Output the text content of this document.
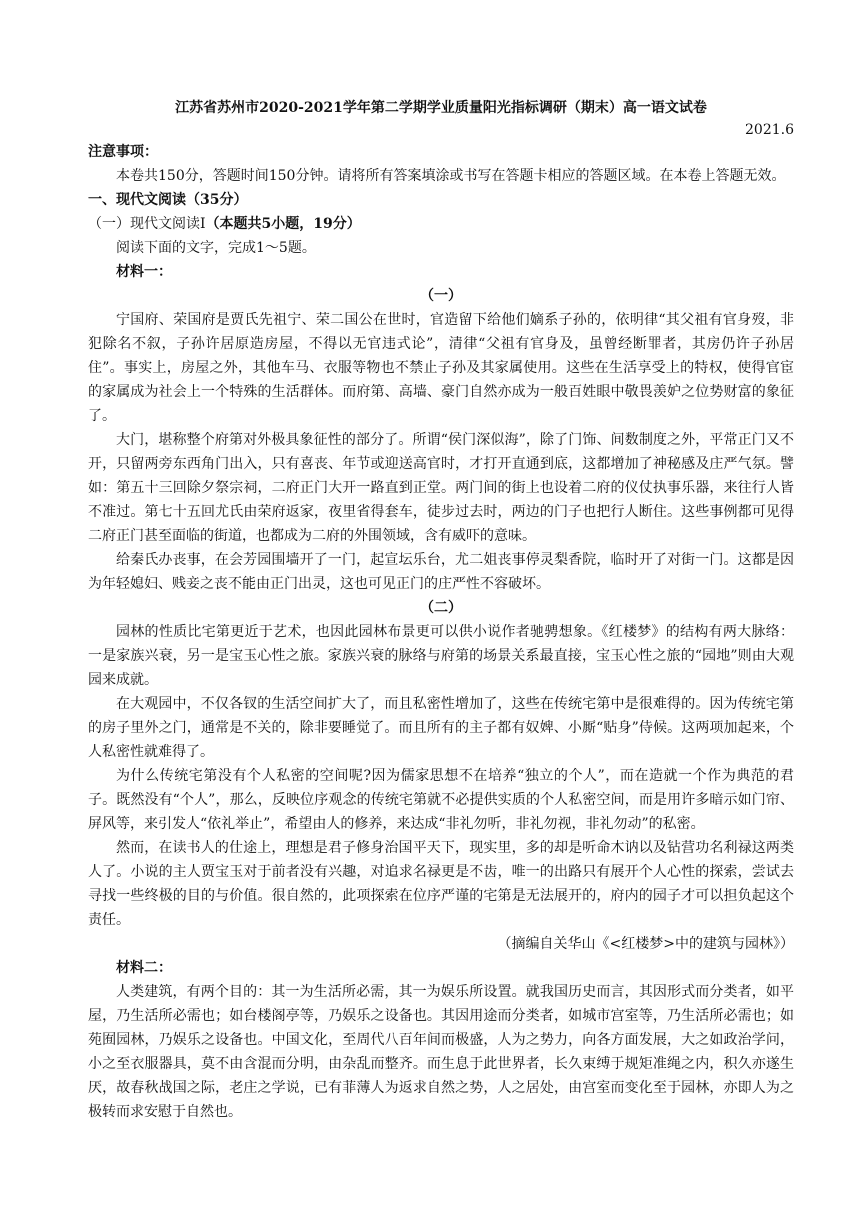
江苏省苏州市2020-2021学年第二学期学业质量阳光指标调研（期末）高一语文试卷
2021.6
注意事项：

本卷共150分，答题时间150分钟。请将所有答案填涂或书写在答题卡相应的答题区域。在本卷上答题无效。

一、现代文阅读（35分）
（一）现代文阅读Ⅰ（本题共5小题，19分）

阅读下面的文字，完成1～5题。

材料一：
（一）

宁国府、荣国府是贾氏先祖宁、荣二国公在世时，官造留下给他们嫡系子孙的，依明律“其父祖有官身歿，非犯除名不叙，子孙许居原造房屋，不得以无官违式论”，清律“父祖有官身及，虽曾经断罪者，其房仍许子孙居住”。事实上，房屋之外，其他车马、衣服等物也不禁止子孙及其家属使用。这些在生活享受上的特权，使得官宦的家属成为社会上一个特殊的生活群体。而府第、高墙、豪门自然亦成为一般百姓眼中敬畏羡妒之位势财富的象征了。

大门，堪称整个府第对外极具象征性的部分了。所谓“侯门深似海”，除了门饰、间数制度之外，平常正门又不开，只留两旁东西角门出入，只有喜丧、年节或迎送高官时，才打开直通到底，这都增加了神秘感及庄严气氛。譬如：第五十三回除夕祭宗祠，二府正门大开一路直到正堂。两门间的街上也设着二府的仪仗执事乐器，来往行人皆不准过。第七十五回尤氏由荣府返家，夜里省得套车，徒步过去时，两边的门子也把行人断住。这些事例都可见得二府正门甚至面临的街道，也都成为二府的外围领域，含有威吓的意味。

给秦氏办丧事，在会芳园围墙开了一门，起宣坛乐台，尤二姐丧事停灵梨香院，临时开了对街一门。这都是因为年轻媳妇、贱妾之丧不能由正门出灵，这也可见正门的庄严性不容破坏。

（二）

园林的性质比宅第更近于艺术，也因此园林布景更可以供小说作者驰骋想象。《红楼梦》的结构有两大脉络：一是家族兴衰，另一是宝玉心性之旅。家族兴衰的脉络与府第的场景关系最直接，宝玉心性之旅的“园地”则由大观园来成就。

在大观园中，不仅各钗的生活空间扩大了，而且私密性增加了，这些在传统宅第中是很难得的。因为传统宅第的房子里外之门，通常是不关的，除非要睡觉了。而且所有的主子都有奴婢、小厮“贴身”侍候。这两项加起来，个人私密性就难得了。

为什么传统宅第没有个人私密的空间呢?因为儒家思想不在培养“独立的个人”，而在造就一个作为典范的君子。既然没有“个人”，那么，反映位序观念的传统宅第就不必提供实质的个人私密空间，而是用许多暗示如门帘、屏风等，来引发人“依礼举止”，希望由人的修养，来达成“非礼勿听，非礼勿视，非礼勿动”的私密。

然而，在读书人的仕途上，理想是君子修身治国平天下，现实里，多的却是听命木讷以及钻营功名利禄这两类人了。小说的主人贾宝玉对于前者没有兴趣，对追求名禄更是不齿，唯一的出路只有展开个人心性的探索，尝试去寻找一些终极的目的与价值。很自然的，此项探索在位序严谨的宅第是无法展开的，府内的园子才可以担负起这个责任。

（摘编自关华山《<红楼梦>中的建筑与园林》）
材料二：

人类建筑，有两个目的：其一为生活所必需，其一为娱乐所设置。就我国历史而言，其因形式而分类者，如平屋，乃生活所必需也；如台楼阁亭等，乃娱乐之设备也。其因用途而分类者，如城市宫室等，乃生活所必需也；如苑囿园林，乃娱乐之设备也。中国文化，至周代八百年间而极盛，人为之势力，向各方面发展，大之如政治学问，小之至衣服器具，莫不由含混而分明，由杂乱而整齐。而生息于此世界者，长久束缚于规矩准绳之内，积久亦遂生厌，故春秋战国之际，老庄之学说，已有菲薄人为返求自然之势，人之居处，由宫室而变化至于园林，亦即人为之极转而求安慰于自然也。
